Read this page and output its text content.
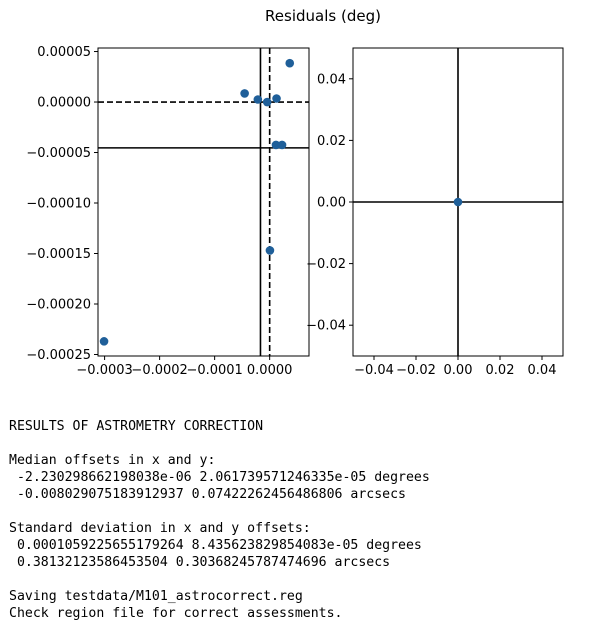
Residuals (deg)
−0.0003
−0.0002
−0.0001 0.0000
0.00005
0.00000
−0.00005
−0.00010
−0.00015
−0.00020
−0.00025
−0.04 −0.02 0.00 0.02 0.04
0.04
0.02
0.00
−0.02
−0.04
RESULTS OF ASTROMETRY CORRECTION
Median offsets in x and y:
-2.230298662198038e-06 2.061739571246335e-05 degrees
-0.008029075183912937 0.07422262456486806 arcsecs
Standard deviation in x and y offsets:
0.0001059225655179264 8.435623829854083e-05 degrees
0.38132123586453504 0.30368245787474696 arcsecs
Saving testdata/M101_astrocorrect.reg
Check region file for correct assessments.
